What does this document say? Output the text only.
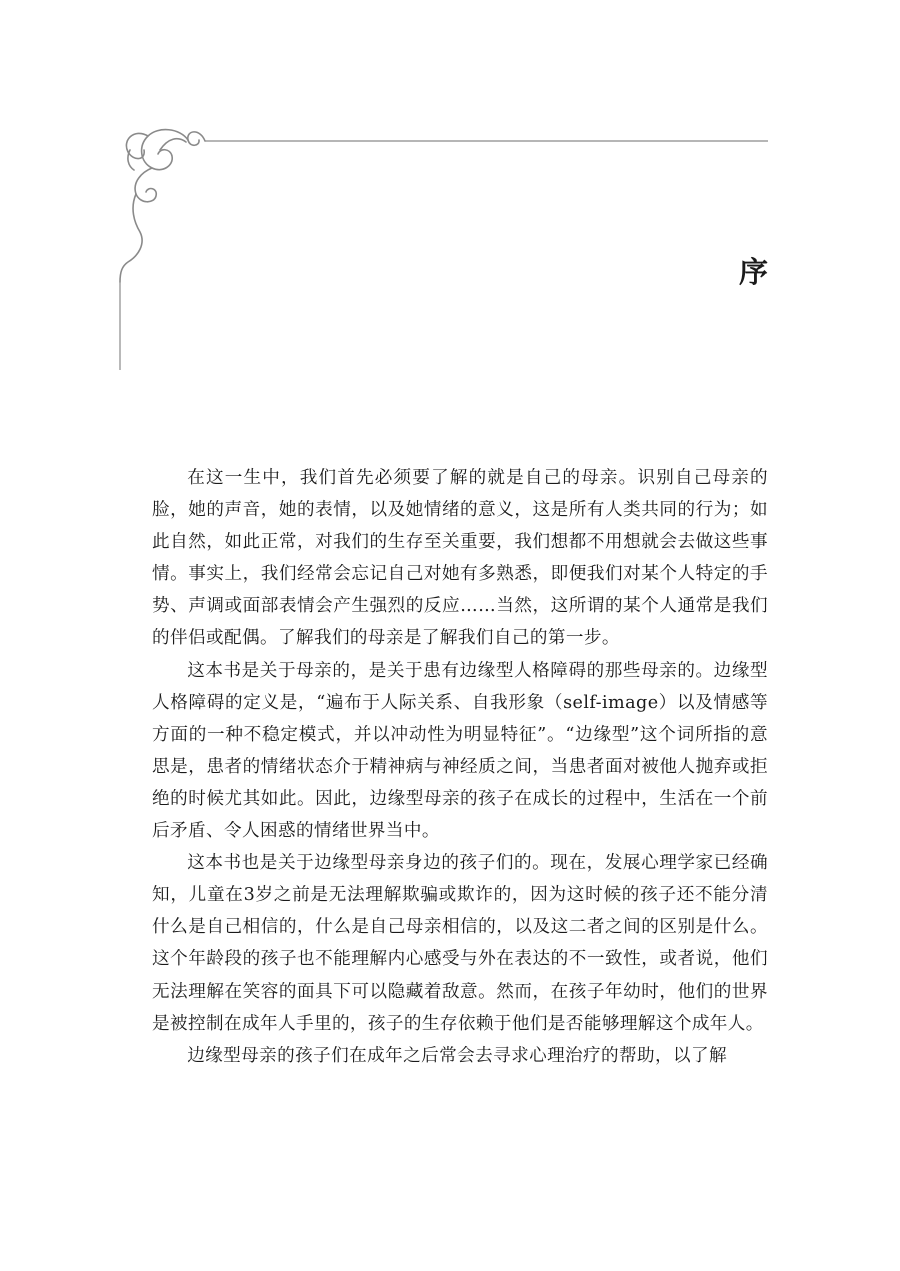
序

在这一生中，我们首先必须要了解的就是自己的母亲。识别自己母亲的脸，她的声音，她的表情，以及她情绪的意义，这是所有人类共同的行为；如此自然，如此正常，对我们的生存至关重要，我们想都不用想就会去做这些事情。事实上，我们经常会忘记自己对她有多熟悉，即便我们对某个人特定的手势、声调或面部表情会产生强烈的反应……当然，这所谓的某个人通常是我们的伴侣或配偶。了解我们的母亲是了解我们自己的第一步。

这本书是关于母亲的，是关于患有边缘型人格障碍的那些母亲的。边缘型人格障碍的定义是，“遍布于人际关系、自我形象（self-image）以及情感等方面的一种不稳定模式，并以冲动性为明显特征”。“边缘型”这个词所指的意思是，患者的情绪状态介于精神病与神经质之间，当患者面对被他人抛弃或拒绝的时候尤其如此。因此，边缘型母亲的孩子在成长的过程中，生活在一个前后矛盾、令人困惑的情绪世界当中。

这本书也是关于边缘型母亲身边的孩子们的。现在，发展心理学家已经确知，儿童在3岁之前是无法理解欺骗或欺诈的，因为这时候的孩子还不能分清什么是自己相信的，什么是自己母亲相信的，以及这二者之间的区别是什么。这个年龄段的孩子也不能理解内心感受与外在表达的不一致性，或者说，他们无法理解在笑容的面具下可以隐藏着敌意。然而，在孩子年幼时，他们的世界是被控制在成年人手里的，孩子的生存依赖于他们是否能够理解这个成年人。

边缘型母亲的孩子们在成年之后常会去寻求心理治疗的帮助，以了解
